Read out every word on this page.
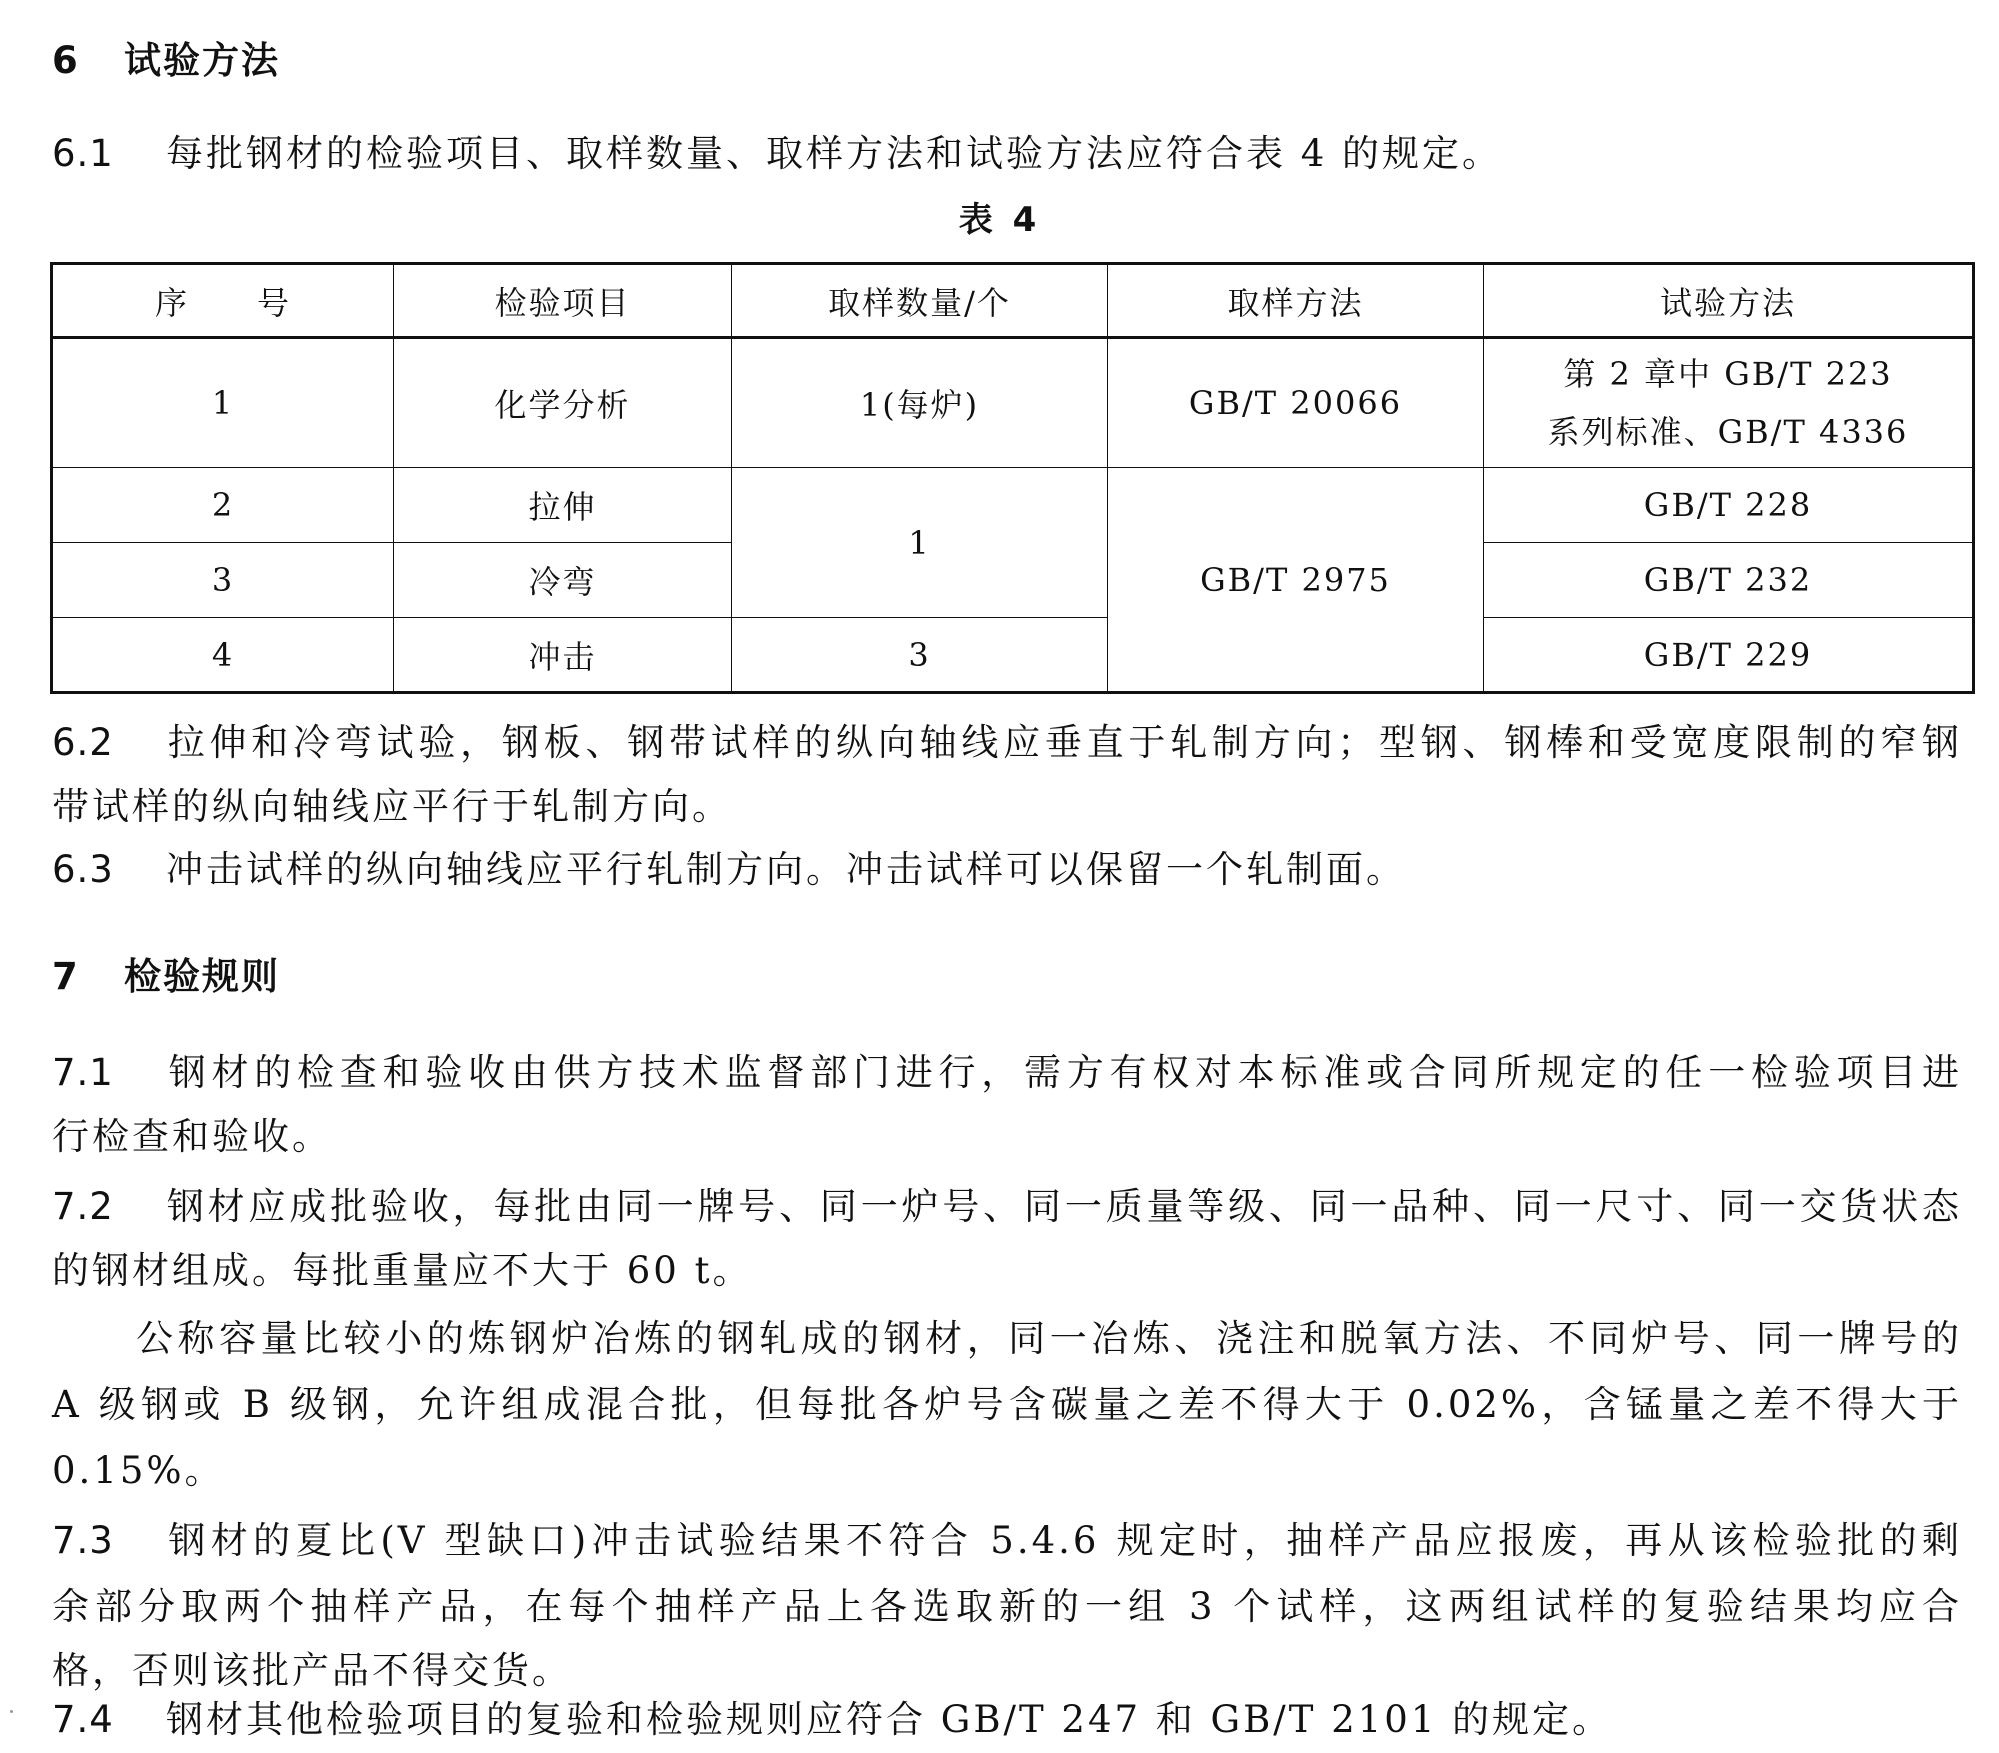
6 试验方法
6.1 每批钢材的检验项目、取样数量、取样方法和试验方法应符合表 4 的规定。
表 4
序　　号	检验项目	取样数量/个	取样方法	试验方法
1	化学分析	1(每炉)	GB/T 20066	第 2 章中 GB/T 223
系列标准、GB/T 4336

2	拉伸	1	GB/T 2975	GB/T 228
3	冷弯			GB/T 232
4	冲击	3		GB/T 229
6.2 拉伸和冷弯试验，钢板、钢带试样的纵向轴线应垂直于轧制方向；型钢、钢棒和受宽度限制的窄钢
带试样的纵向轴线应平行于轧制方向。
6.3 冲击试样的纵向轴线应平行轧制方向。冲击试样可以保留一个轧制面。
7 检验规则
7.1 钢材的检查和验收由供方技术监督部门进行，需方有权对本标准或合同所规定的任一检验项目进
行检查和验收。
7.2 钢材应成批验收，每批由同一牌号、同一炉号、同一质量等级、同一品种、同一尺寸、同一交货状态
的钢材组成。每批重量应不大于 60 t。
公称容量比较小的炼钢炉冶炼的钢轧成的钢材，同一冶炼、浇注和脱氧方法、不同炉号、同一牌号的
A 级钢或 B 级钢，允许组成混合批，但每批各炉号含碳量之差不得大于 0.02%，含锰量之差不得大于
0.15%。
7.3 钢材的夏比(V 型缺口)冲击试验结果不符合 5.4.6 规定时，抽样产品应报废，再从该检验批的剩
余部分取两个抽样产品，在每个抽样产品上各选取新的一组 3 个试样，这两组试样的复验结果均应合
格，否则该批产品不得交货。
7.4 钢材其他检验项目的复验和检验规则应符合 GB/T 247 和 GB/T 2101 的规定。
